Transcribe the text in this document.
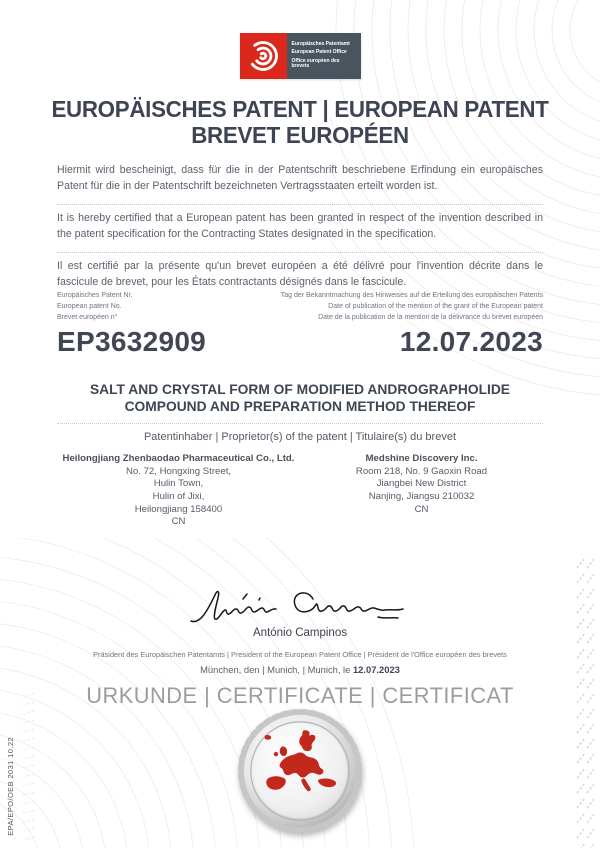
EPA/EPO/OEB 2031 10.22
Europäisches Patentamt
European Patent Office
Office européen des brevets
EUROPÄISCHES PATENT | EUROPEAN PATENT
BREVET EUROPÉEN
Hiermit wird bescheinigt, dass für die in der Patentschrift beschriebene Erfindung ein europäisches Patent für die in der Patentschrift bezeichneten Vertragsstaaten erteilt worden ist.
It is hereby certified that a European patent has been granted in respect of the invention described in the patent specification for the Contracting States designated in the specification.
Il est certifié par la présente qu'un brevet européen a été délivré pour l'invention décrite dans le fascicule de brevet, pour les États contractants désignés dans le fascicule.
Europäisches Patent Nr.
European patent No.
Brevet européen n°
Tag der Bekanntmachung des Hinweises auf die Erteilung des europäischen Patents
Date of publication of the mention of the grant of the European patent
Date de la publication de la mention de la délivrance du brevet européen
EP3632909	12.07.2023
SALT AND CRYSTAL FORM OF MODIFIED ANDROGRAPHOLIDE
COMPOUND AND PREPARATION METHOD THEREOF
Patentinhaber | Proprietor(s) of the patent | Titulaire(s) du brevet
Heilongjiang Zhenbaodao Pharmaceutical Co., Ltd.
No. 72, Hongxing Street,
Hulin Town,
Hulin of Jixi,
Heilongjiang 158400
CN
Medshine Discovery Inc.
Room 218, No. 9 Gaoxin Road
Jiangbei New District
Nanjing, Jiangsu 210032
CN
António Campinos
Präsident des Europäischen Patentamts | President of the European Patent Office | Président de l'Office européen des brevets
München, den | Munich, | Munich, le 12.07.2023
URKUNDE | CERTIFICATE | CERTIFICAT
